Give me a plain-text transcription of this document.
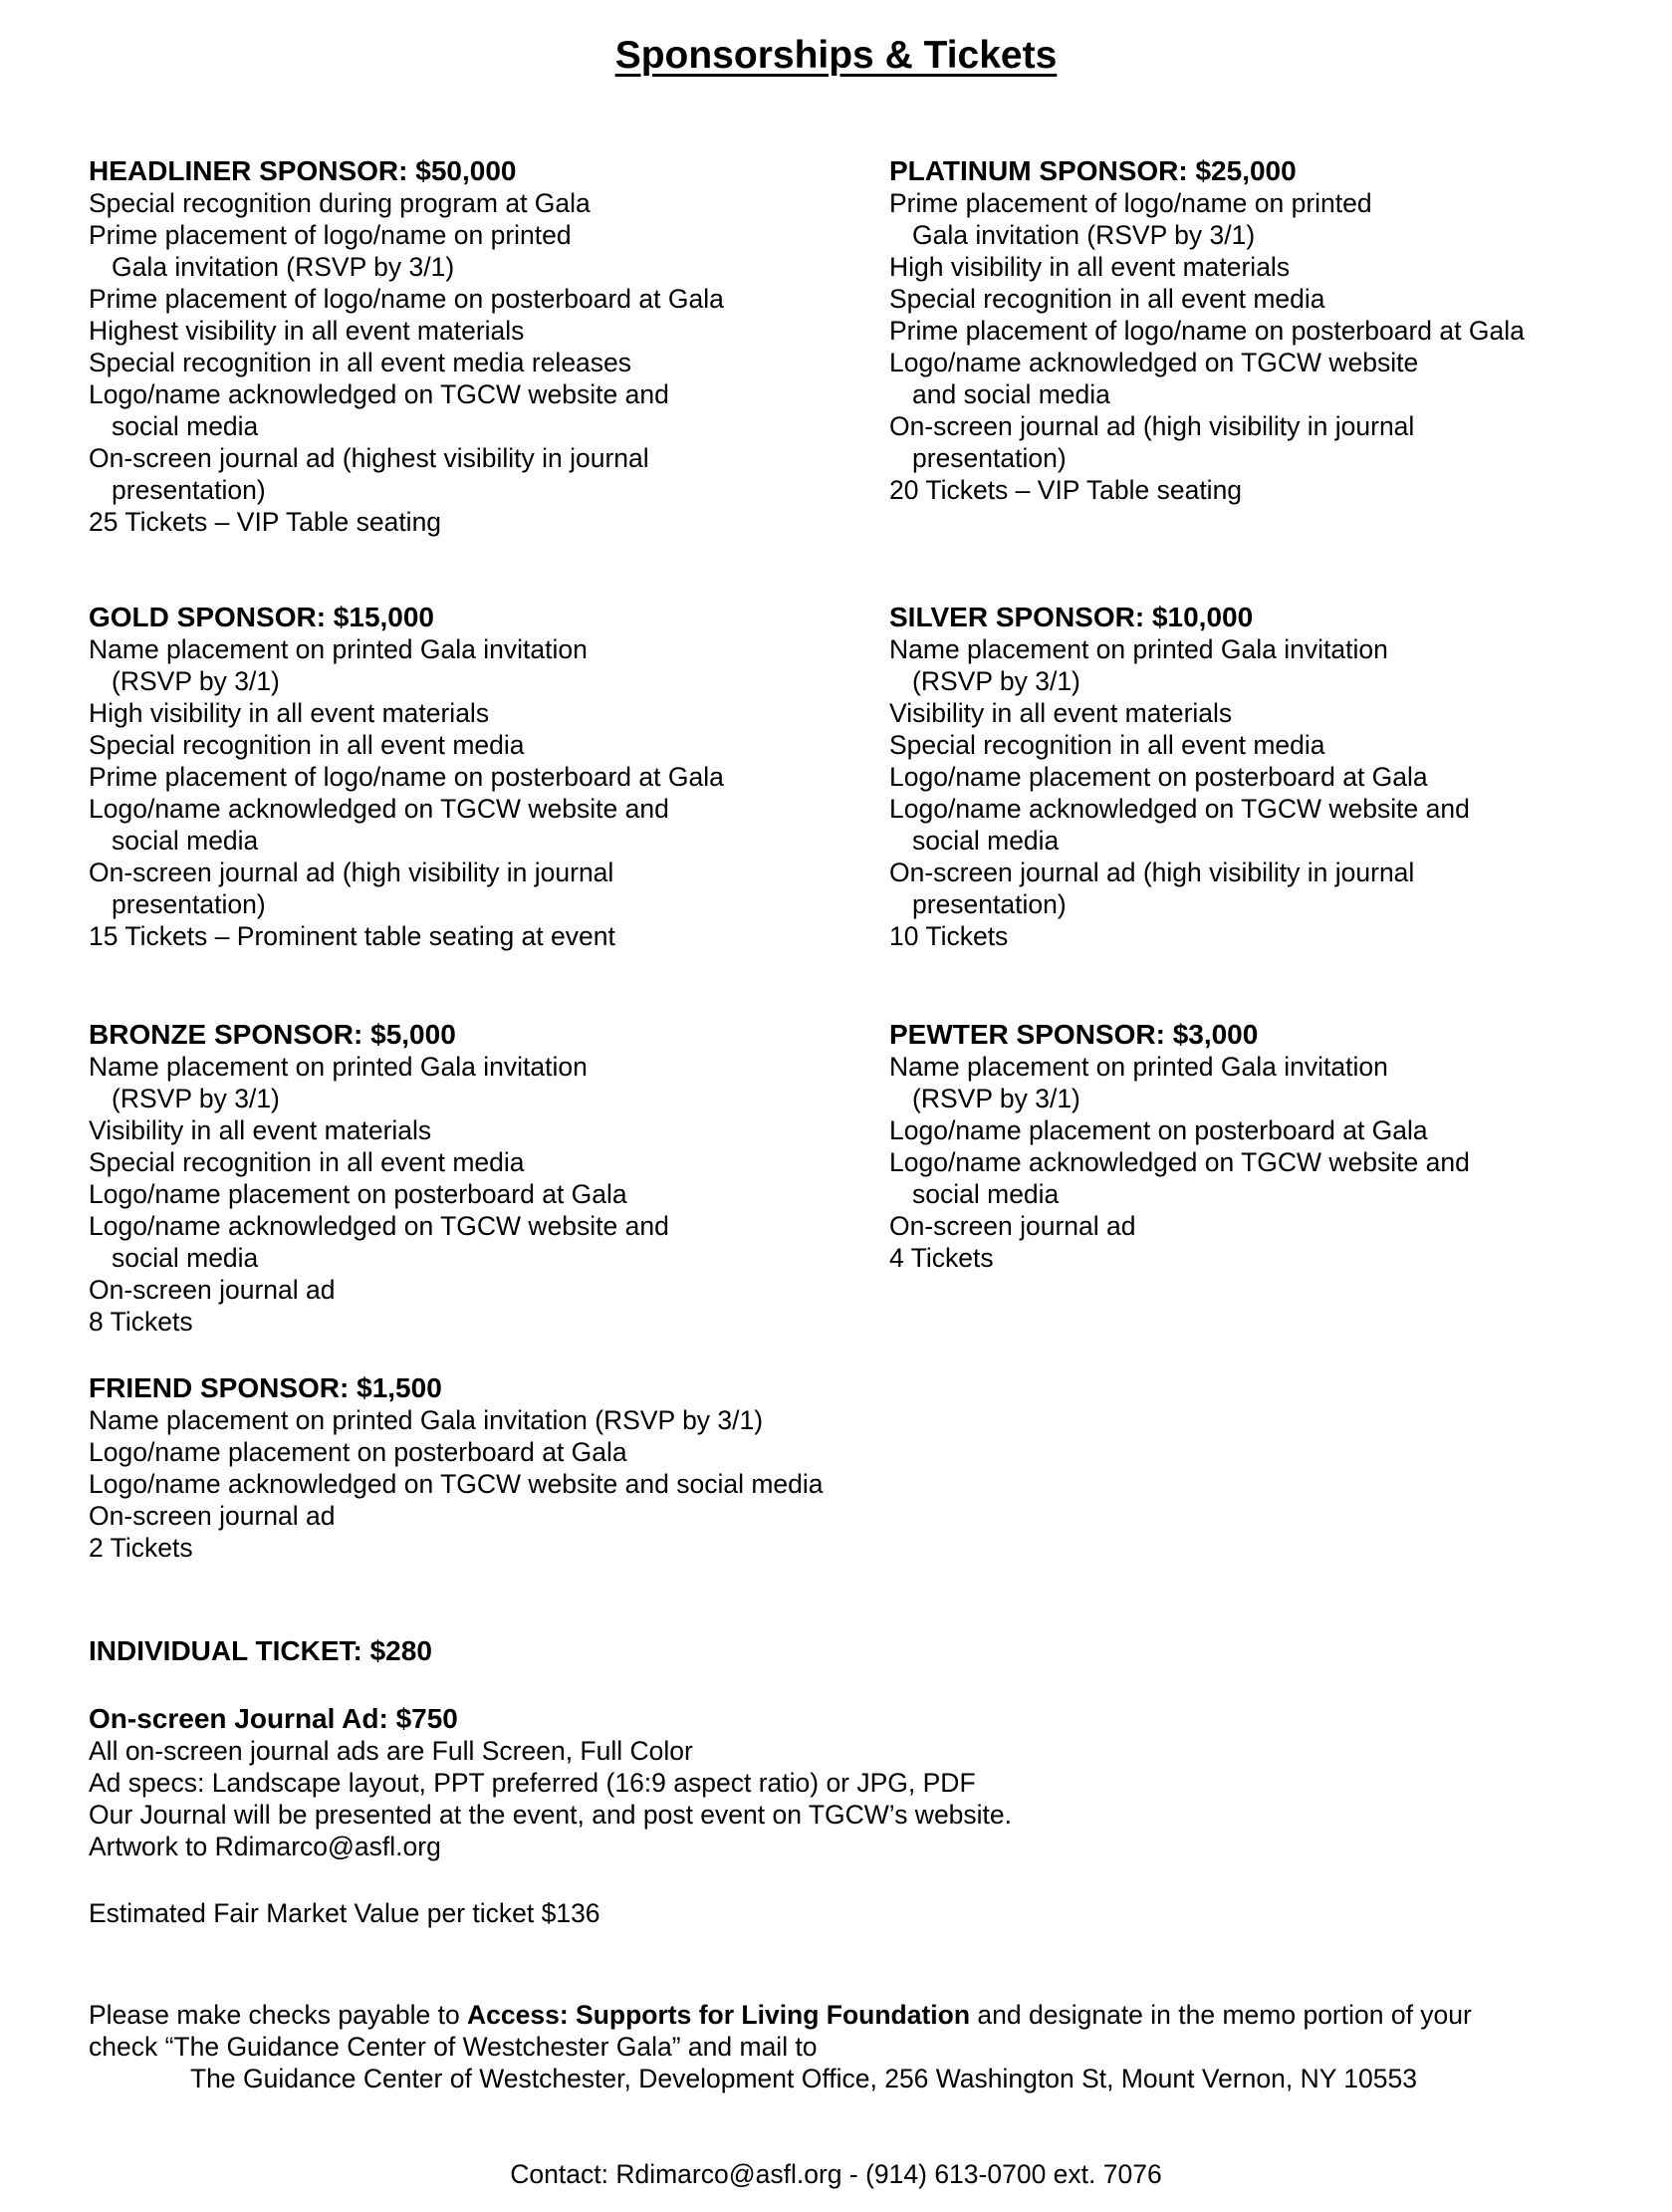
Sponsorships & Tickets
HEADLINER SPONSOR: $50,000
Special recognition during program at Gala
Prime placement of logo/name on printed
Gala invitation (RSVP by 3/1)
Prime placement of logo/name on posterboard at Gala
Highest visibility in all event materials
Special recognition in all event media releases
Logo/name acknowledged on TGCW website and
social media
On-screen journal ad (highest visibility in journal
presentation)
25 Tickets – VIP Table seating
PLATINUM SPONSOR: $25,000
Prime placement of logo/name on printed
Gala invitation (RSVP by 3/1)
High visibility in all event materials
Special recognition in all event media
Prime placement of logo/name on posterboard at Gala
Logo/name acknowledged on TGCW website
and social media
On-screen journal ad (high visibility in journal
presentation)
20 Tickets – VIP Table seating
GOLD SPONSOR: $15,000
Name placement on printed Gala invitation
(RSVP by 3/1)
High visibility in all event materials
Special recognition in all event media
Prime placement of logo/name on posterboard at Gala
Logo/name acknowledged on TGCW website and
social media
On-screen journal ad (high visibility in journal
presentation)
15 Tickets – Prominent table seating at event
SILVER SPONSOR: $10,000
Name placement on printed Gala invitation
(RSVP by 3/1)
Visibility in all event materials
Special recognition in all event media
Logo/name placement on posterboard at Gala
Logo/name acknowledged on TGCW website and
social media
On-screen journal ad (high visibility in journal
presentation)
10 Tickets
BRONZE SPONSOR: $5,000
Name placement on printed Gala invitation
(RSVP by 3/1)
Visibility in all event materials
Special recognition in all event media
Logo/name placement on posterboard at Gala
Logo/name acknowledged on TGCW website and
social media
On-screen journal ad
8 Tickets
PEWTER SPONSOR: $3,000
Name placement on printed Gala invitation
(RSVP by 3/1)
Logo/name placement on posterboard at Gala
Logo/name acknowledged on TGCW website and
social media
On-screen journal ad
4 Tickets
FRIEND SPONSOR: $1,500
Name placement on printed Gala invitation (RSVP by 3/1)
Logo/name placement on posterboard at Gala
Logo/name acknowledged on TGCW website and social media
On-screen journal ad
2 Tickets
INDIVIDUAL TICKET: $280
On-screen Journal Ad: $750

All on-screen journal ads are Full Screen, Full Color

Ad specs: Landscape layout, PPT preferred (16:9 aspect ratio) or JPG, PDF

Our Journal will be presented at the event, and post event on TGCW’s website.

Artwork to Rdimarco@asfl.org

Estimated Fair Market Value per ticket $136

Please make checks payable to Access: Supports for Living Foundation and designate in the memo portion of your

check “The Guidance Center of Westchester Gala” and mail to

The Guidance Center of Westchester, Development Office, 256 Washington St, Mount Vernon, NY 10553

Contact: Rdimarco@asfl.org - (914) 613-0700 ext. 7076
